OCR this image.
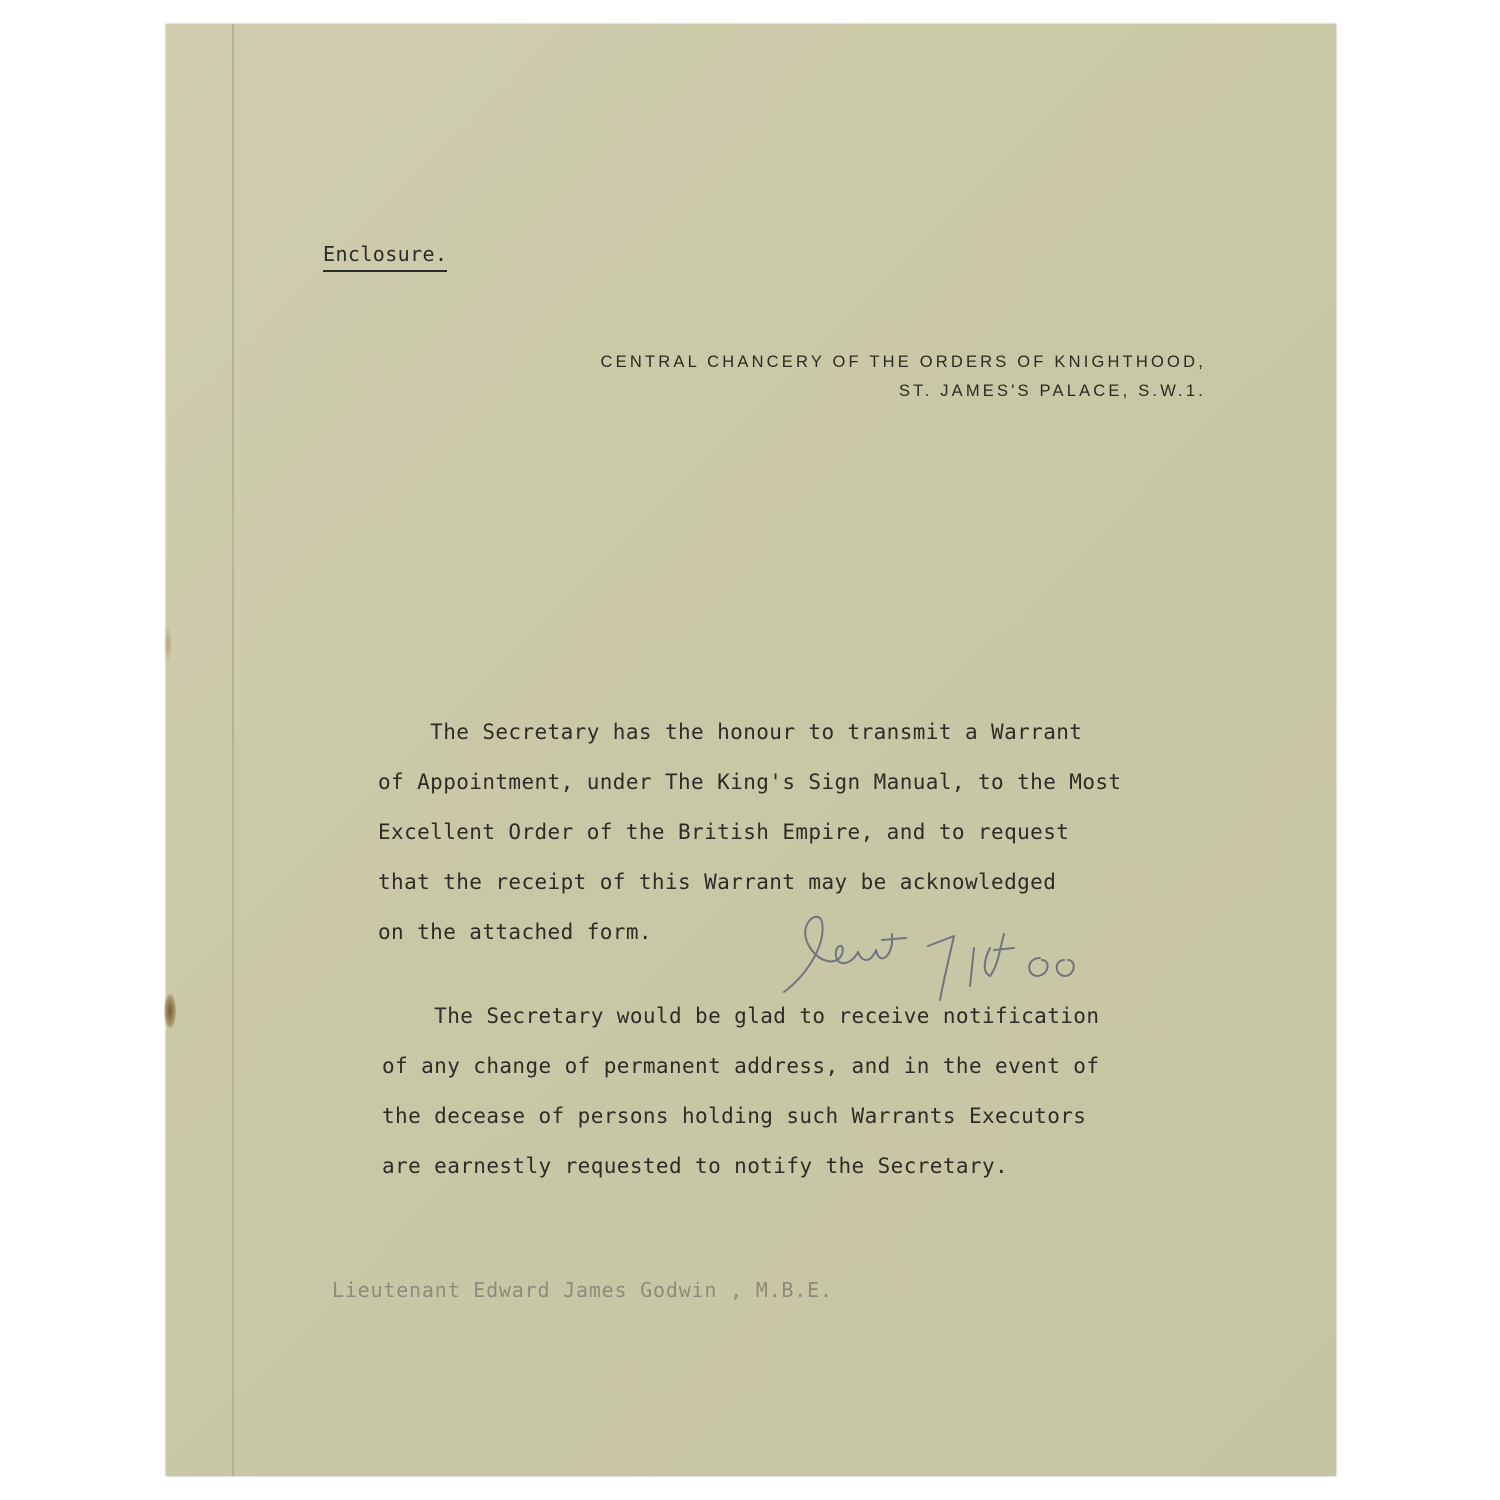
Enclosure.
CENTRAL CHANCERY OF THE ORDERS OF KNIGHTHOOD,
ST. JAMES'S PALACE, S.W.1.
The Secretary has the honour to transmit a Warrant
of Appointment, under The King's Sign Manual, to the Most
Excellent Order of the British Empire, and to request
that the receipt of this Warrant may be acknowledged
on the attached form.
The Secretary would be glad to receive notification
of any change of permanent address, and in the event of
the decease of persons holding such Warrants Executors
are earnestly requested to notify the Secretary.
Lieutenant Edward James Godwin , M.B.E.
